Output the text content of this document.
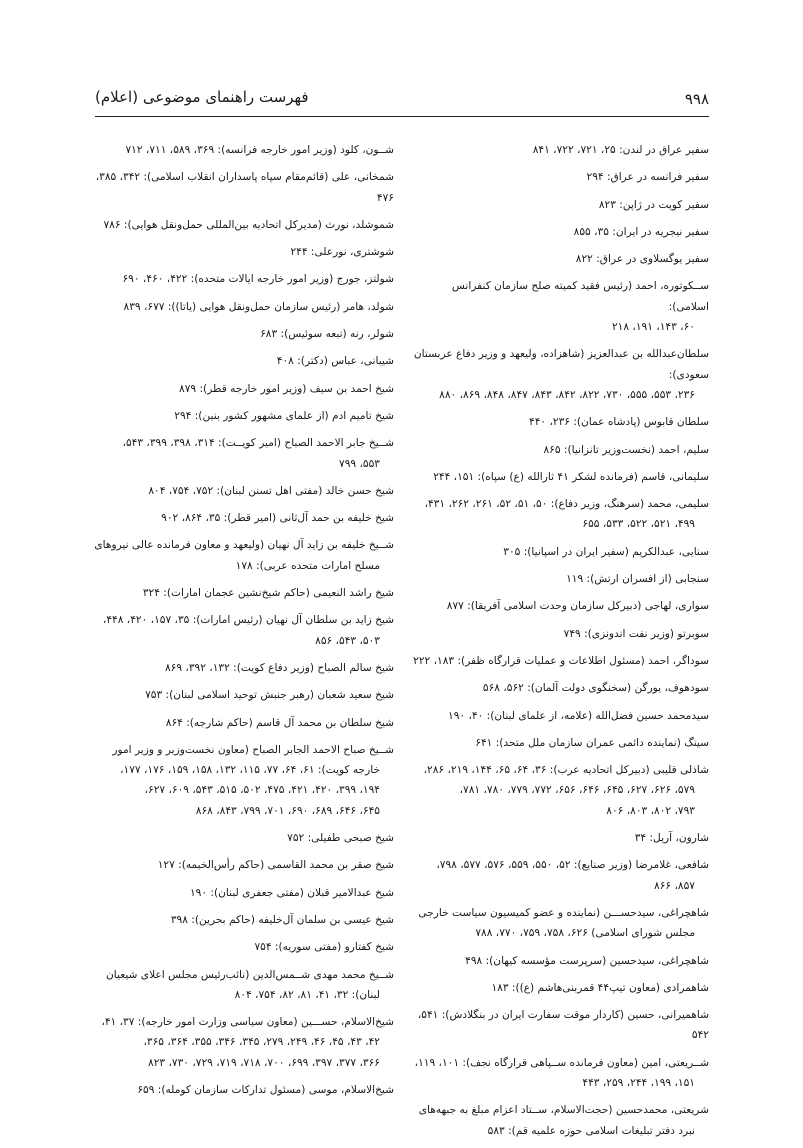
۹۹۸
فهرست راهنمای موضوعی (اعلام)
سفیر عراق در لندن: ۲۵، ۷۲۱، ۷۲۲، ۸۴۱
سفیر فرانسه در عراق: ۲۹۴
سفیر کویت در ژاپن: ۸۲۳
سفیر نیجریه در ایران: ۳۵، ۸۵۵
سفیر یوگسلاوی در عراق: ۸۲۲
ســکوتوره، احمد (رئیس فقید کمیته صلح سازمان کنفرانس اسلامی):
۶۰، ۱۴۳، ۱۹۱، ۲۱۸
سلطان‌عبدالله بن عبدالعزیز (شاهزاده، ولیعهد و وزیر دفاع عربستان سعودی):
۲۳۶، ۵۵۳، ۵۵۵، ۷۳۰، ۸۲۲، ۸۴۲، ۸۴۳، ۸۴۷، ۸۴۸، ۸۶۹، ۸۸۰
سلطان قابوس (پادشاه عمان): ۲۳۶، ۴۴۰
سلیم، احمد (نخست‌وزیر تانزانیا): ۸۶۵
سلیمانی، قاسم (فرمانده لشکر ۴۱ ثارالله (ع) سپاه): ۱۵۱، ۲۴۴
سلیمی، محمد (سرهنگ، وزیر دفاع): ۵۰، ۵۱، ۵۲، ۲۶۱، ۲۶۲، ۴۳۱،
۴۹۹، ۵۲۱، ۵۲۲، ۵۳۳، ۶۵۵
سنایی، عبدالکریم (سفیر ایران در اسپانیا): ۳۰۵
سنجابی (از افسران ارتش): ۱۱۹
سواری، لهاجی (دبیرکل سازمان وحدت اسلامی آفریقا): ۸۷۷
سوبرتو (وزیر نفت اندونزی): ۷۴۹
سوداگر، احمد (مسئول اطلاعات و عملیات قرارگاه ظفر): ۱۸۳، ۲۲۲
سودهوف، یورگن (سخنگوی دولت آلمان): ۵۶۲، ۵۶۸
سیدمحمد حسین فضل‌الله (علامه، از علمای لبنان): ۴۰، ۱۹۰
سینگ (نماینده دائمی عمران سازمان ملل متحد): ۶۴۱
شاذلی قلیبی (دبیرکل اتحادیه عرب): ۳۶، ۶۴، ۶۵، ۱۴۴، ۲۱۹، ۲۸۶،
۵۷۹، ۶۲۶، ۶۲۷، ۶۴۵، ۶۴۶، ۶۵۶، ۷۷۲، ۷۷۹، ۷۸۰، ۷۸۱،
۷۹۳، ۸۰۲، ۸۰۳، ۸۰۶
شارون، آریل: ۳۴
شافعی، غلامرضا (وزیر صنایع): ۵۲، ۵۵۰، ۵۵۹، ۵۷۶، ۵۷۷، ۷۹۸،
۸۵۷، ۸۶۶
شاهچراغی، سیدحســـن (نماینده و عضو کمیسیون سیاست خارجی
مجلس شورای اسلامی) ۶۲۶، ۷۵۸، ۷۵۹، ۷۷۰، ۷۸۸
شاهچراغی، سیدحسین (سرپرست مؤسسه کیهان): ۴۹۸
شاهمرادی (معاون تیپ۴۴ قمربنی‌هاشم (ع)): ۱۸۳
شاهمیرانی، حسین (کاردار موقت سفارت ایران در بنگلادش): ۵۴۱، ۵۴۲
شــریعتی، امین (معاون فرمانده ســپاهی قرارگاه نجف): ۱۰۱، ۱۱۹،
۱۵۱، ۱۹۹، ۲۴۴، ۲۵۹، ۴۴۳
شریعتی، محمدحسین (حجت‌الاسلام، ســتاد اعزام مبلغ به جبهه‌های
نبرد دفتر تبلیغات اسلامی حوزه علمیه قم): ۵۸۳
شــون، کلود (وزیر امور خارجه فرانسه): ۳۶۹، ۵۸۹، ۷۱۱، ۷۱۲
شمخانی، علی (قائم‌مقام سپاه پاسداران انقلاب اسلامی): ۳۴۲، ۳۸۵، ۴۷۶
شموشلد، نورث (مدیرکل اتحادیه بین‌المللی حمل‌ونقل هوایی): ۷۸۶
شوشتری، نورعلی: ۲۴۴
شولتز، جورج (وزیر امور خارجه ایالات متحده): ۴۲۲، ۴۶۰، ۶۹۰
شولد، هامر (رئیس سازمان حمل‌ونقل هوایی (یاتا)): ۶۷۷، ۸۳۹
شولر، رنه (تبعه سوئیس): ۶۸۳
شیبانی، عباس (دکتر): ۴۰۸
شیخ احمد بن سیف (وزیر امور خارجه قطر): ۸۷۹
شیخ تامیم ادم (از علمای مشهور کشور بنین): ۲۹۴
شــیخ جابر الاحمد الصباح (امیر کویــت): ۳۱۴، ۳۹۸، ۳۹۹، ۵۴۳،
۵۵۳، ۷۹۹
شیخ حسن خالد (مفتی اهل تسنن لبنان): ۷۵۲، ۷۵۴، ۸۰۴
شیخ خلیفه بن حمد آل‌ثانی (امیر قطر): ۳۵، ۸۶۴، ۹۰۲
شــیخ خلیفه بن زاید آل نهیان (ولیعهد و معاون فرمانده عالی نیروهای
مسلح امارات متحده عربی): ۱۷۸
شیخ راشد النعیمی (حاکم شیخ‌نشین عجمان امارات): ۳۲۴
شیخ زاید بن سلطان آل نهیان (رئیس امارات): ۳۵، ۱۵۷، ۴۲۰، ۴۴۸،
۵۰۳، ۵۴۳، ۸۵۶
شیخ سالم الصباح (وزیر دفاع کویت): ۱۳۲، ۳۹۲، ۸۶۹
شیخ سعید شعبان (رهبر جنبش توحید اسلامی لبنان): ۷۵۳
شیخ سلطان بن محمد آل قاسم (حاکم شارجه): ۸۶۴
شــیخ صباح الاحمد الجابر الصباح (معاون نخست‌وزیر و وزیر امور
خارجه کویت): ۶۱، ۶۴، ۷۷، ۱۱۵، ۱۳۲، ۱۵۸، ۱۵۹، ۱۷۶، ۱۷۷،
۱۹۴، ۳۹۹، ۴۲۰، ۴۲۱، ۴۷۵، ۵۰۲، ۵۱۵، ۵۴۳، ۶۰۹، ۶۲۷،
۶۴۵، ۶۴۶، ۶۸۹، ۶۹۰، ۷۰۱، ۷۹۹، ۸۴۳، ۸۶۸
شیخ صبحی طفیلی: ۷۵۲
شیخ صقر بن محمد القاسمی (حاکم رأس‌الخیمه): ۱۲۷
شیخ عبدالامیر قبلان (مفتی جعفری لبنان): ۱۹۰
شیخ عیسی بن سلمان آل‌خلیفه (حاکم بحرین): ۳۹۸
شیخ کفتارو (مفتی سوریه): ۷۵۴
شــیخ محمد مهدی شــمس‌الدین (نائب‌رئیس مجلس اعلای شیعیان
لبنان): ۳۲، ۴۱، ۸۱، ۸۲، ۷۵۴، ۸۰۴
شیخ‌الاسلام، حســـین (معاون سیاسی وزارت امور خارجه): ۳۷، ۴۱،
۴۲، ۴۳، ۴۵، ۴۶، ۲۴۹، ۲۷۹، ۳۴۵، ۳۴۶، ۳۵۵، ۳۶۴، ۳۶۵،
۳۶۶، ۳۷۷، ۳۹۷، ۶۹۹، ۷۰۰، ۷۱۸، ۷۱۹، ۷۲۹، ۷۳۰، ۸۲۳
شیخ‌الاسلام، موسی (مسئول تدارکات سازمان کومله): ۶۵۹
